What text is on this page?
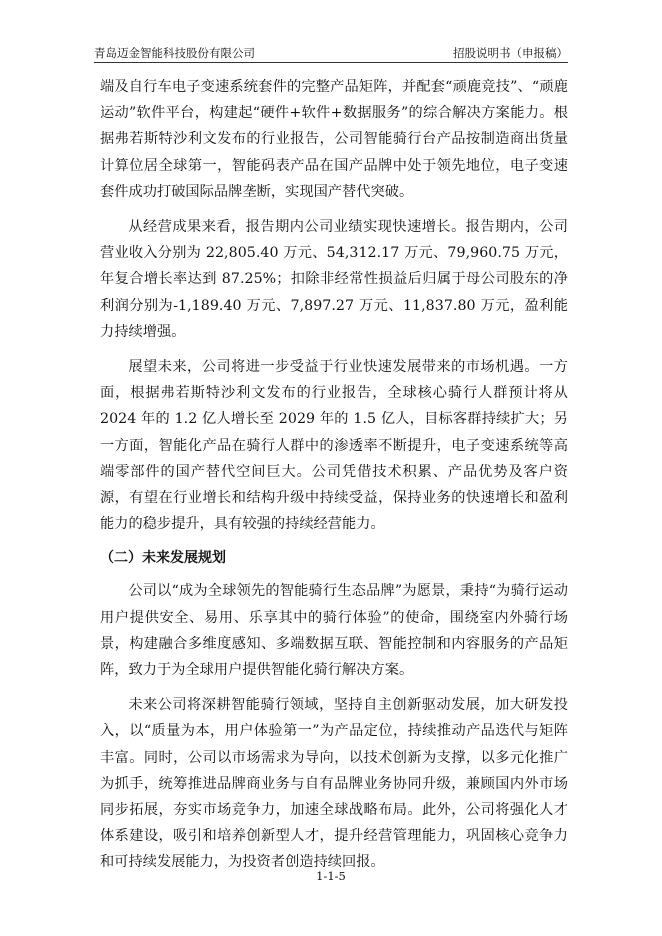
青岛迈金智能科技股份有限公司	招股说明书（申报稿）

端及自行车电子变速系统套件的完整产品矩阵，并配套“顽鹿竞技”、“顽鹿运动”软件平台，构建起“硬件+软件+数据服务”的综合解决方案能力。根据弗若斯特沙利文发布的行业报告，公司智能骑行台产品按制造商出货量计算位居全球第一，智能码表产品在国产品牌中处于领先地位，电子变速套件成功打破国际品牌垄断，实现国产替代突破。

从经营成果来看，报告期内公司业绩实现快速增长。报告期内，公司营业收入分别为 22,805.40 万元、54,312.17 万元、79,960.75 万元，年复合增长率达到 87.25%；扣除非经常性损益后归属于母公司股东的净利润分别为-1,189.40 万元、7,897.27 万元、11,837.80 万元，盈利能力持续增强。

展望未来，公司将进一步受益于行业快速发展带来的市场机遇。一方面，根据弗若斯特沙利文发布的行业报告，全球核心骑行人群预计将从 2024 年的 1.2 亿人增长至 2029 年的 1.5 亿人，目标客群持续扩大；另一方面，智能化产品在骑行人群中的渗透率不断提升，电子变速系统等高端零部件的国产替代空间巨大。公司凭借技术积累、产品优势及客户资源，有望在行业增长和结构升级中持续受益，保持业务的快速增长和盈利能力的稳步提升，具有较强的持续经营能力。

（二）未来发展规划

公司以“成为全球领先的智能骑行生态品牌”为愿景，秉持“为骑行运动用户提供安全、易用、乐享其中的骑行体验”的使命，围绕室内外骑行场景，构建融合多维度感知、多端数据互联、智能控制和内容服务的产品矩阵，致力于为全球用户提供智能化骑行解决方案。

未来公司将深耕智能骑行领域，坚持自主创新驱动发展，加大研发投入，以“质量为本，用户体验第一”为产品定位，持续推动产品迭代与矩阵丰富。同时，公司以市场需求为导向，以技术创新为支撑，以多元化推广为抓手，统筹推进品牌商业务与自有品牌业务协同升级，兼顾国内外市场同步拓展，夯实市场竞争力，加速全球战略布局。此外，公司将强化人才体系建设，吸引和培养创新型人才，提升经营管理能力，巩固核心竞争力和可持续发展能力，为投资者创造持续回报。

1-1-5
